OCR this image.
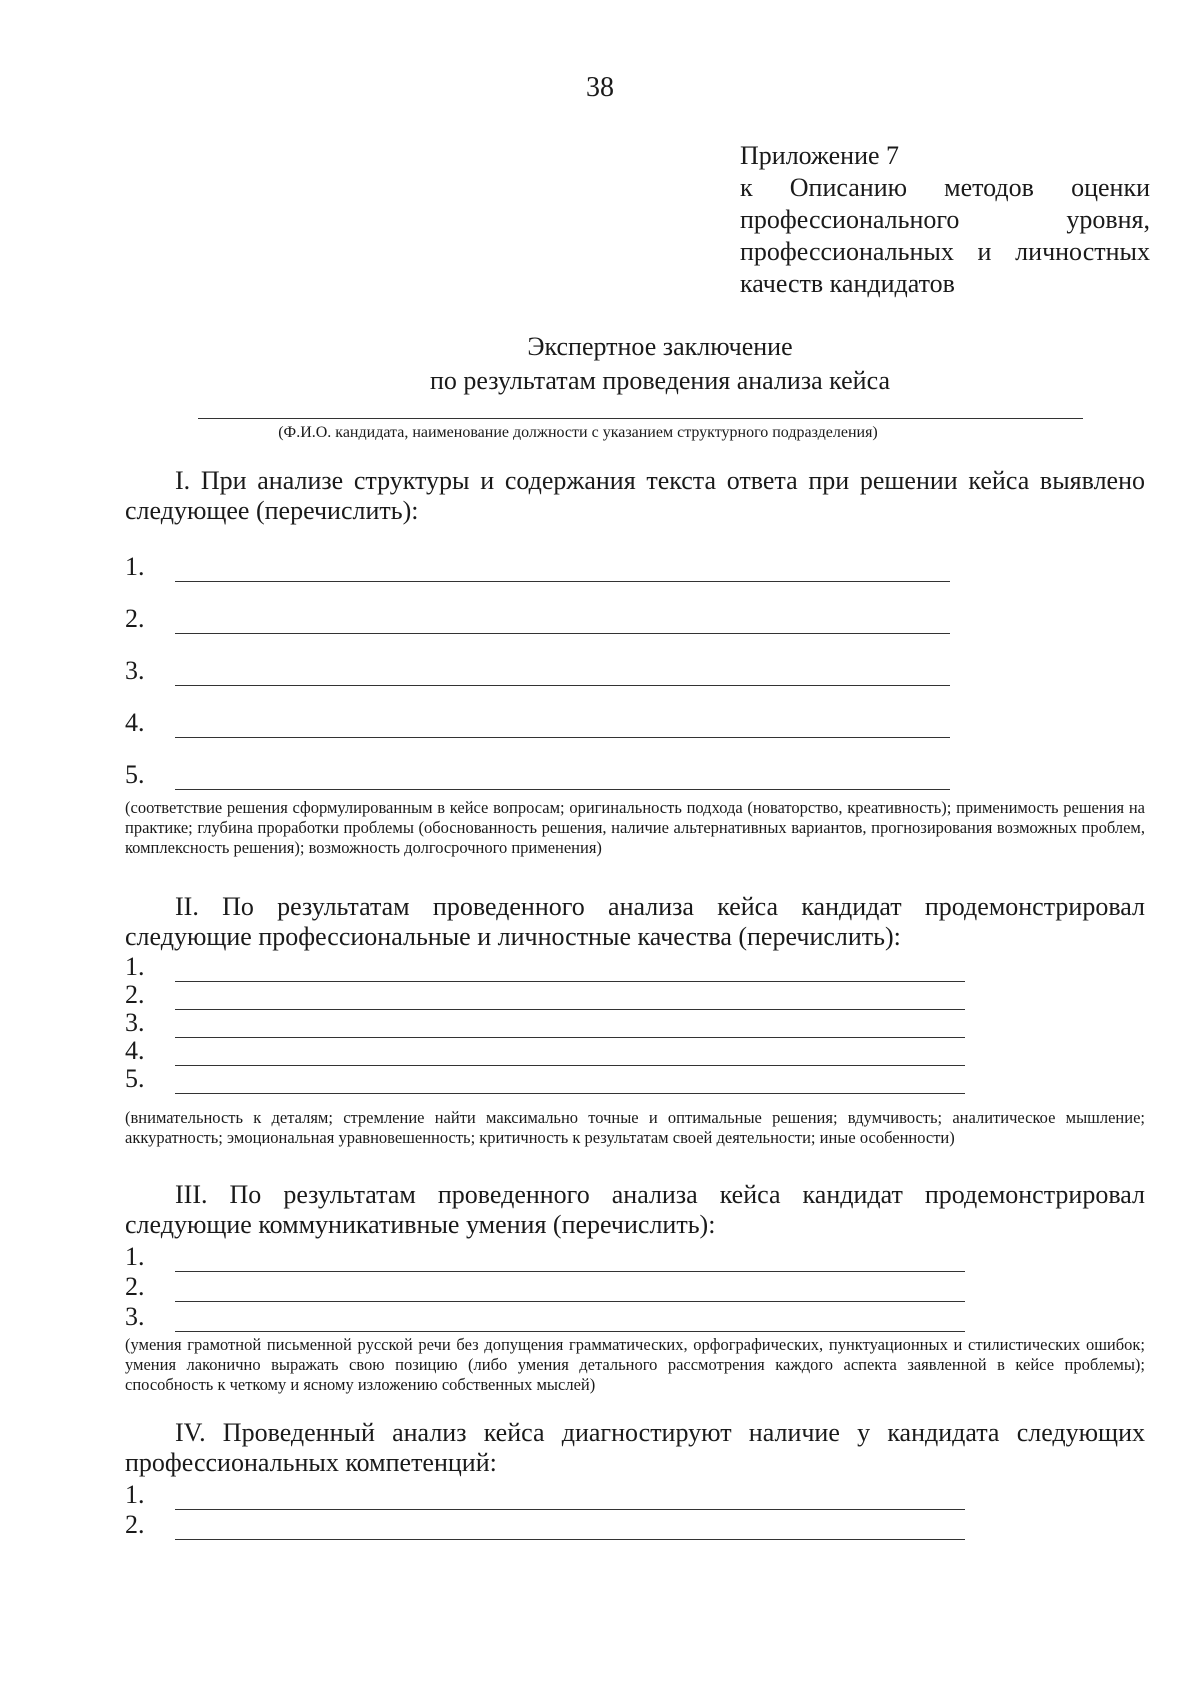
38
Приложение 7
к Описанию методов оценки
профессионального уровня,
профессиональных и личностных
качеств кандидатов
Экспертное заключение
по результатам проведения анализа кейса
(Ф.И.О. кандидата, наименование должности с указанием структурного подразделения)
I. При анализе структуры и содержания текста ответа при решении кейса выявлено следующее (перечислить):
1.
2.
3.
4.
5.
(соответствие решения сформулированным в кейсе вопросам; оригинальность подхода (новаторство, креативность); применимость решения на практике; глубина проработки проблемы (обоснованность решения, наличие альтернативных вариантов, прогнозирования возможных проблем, комплексность решения); возможность долгосрочного применения)
II. По результатам проведенного анализа кейса кандидат продемонстрировал следующие профессиональные и личностные качества (перечислить):
1.
2.
3.
4.
5.
(внимательность к деталям; стремление найти максимально точные и оптимальные решения; вдумчивость; аналитическое мышление; аккуратность; эмоциональная уравновешенность; критичность к результатам своей деятельности; иные особенности)
III. По результатам проведенного анализа кейса кандидат продемонстрировал следующие коммуникативные умения (перечислить):
1.
2.
3.
(умения грамотной письменной русской речи без допущения грамматических, орфографических, пунктуационных и стилистических ошибок; умения лаконично выражать свою позицию (либо умения детального рассмотрения каждого аспекта заявленной в кейсе проблемы); способность к четкому и ясному изложению собственных мыслей)
IV. Проведенный анализ кейса диагностируют наличие у кандидата следующих профессиональных компетенций:
1.
2.
